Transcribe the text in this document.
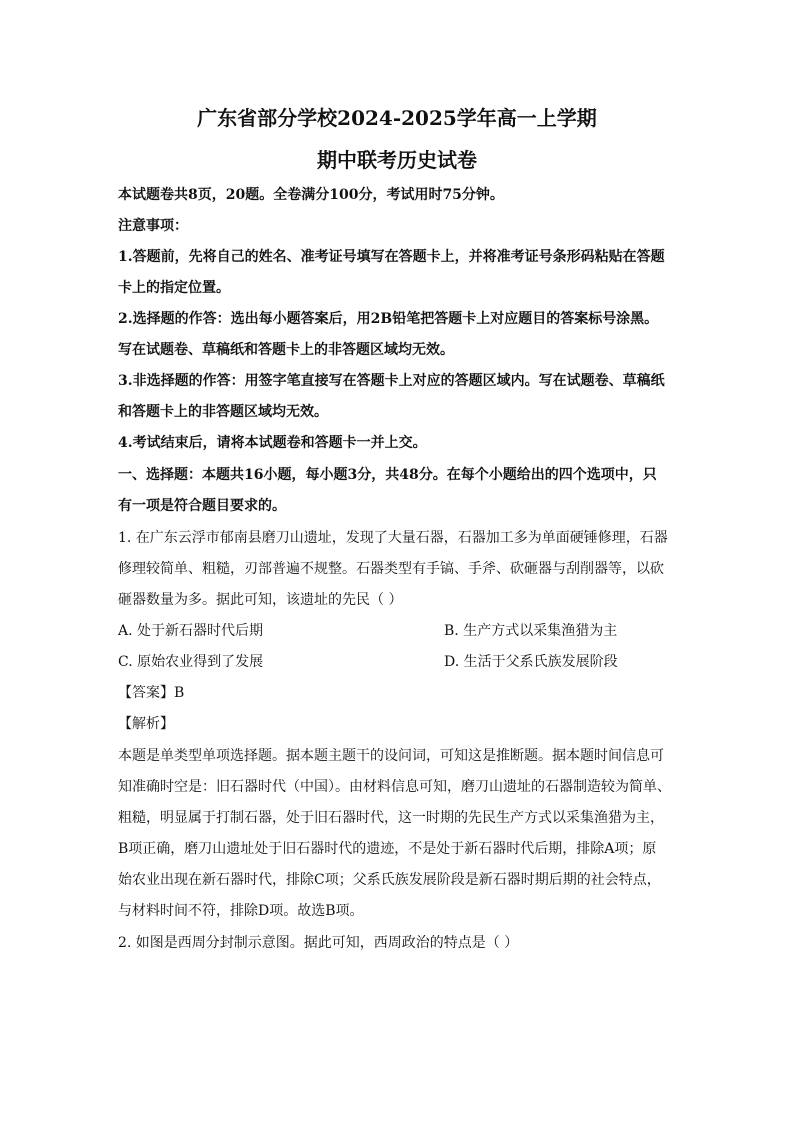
广东省部分学校2024-2025学年高一上学期
期中联考历史试卷
本试题卷共8页，20题。全卷满分100分，考试用时75分钟。
注意事项：
1.答题前，先将自己的姓名、准考证号填写在答题卡上，并将准考证号条形码粘贴在答题
卡上的指定位置。
2.选择题的作答：选出每小题答案后，用2B铅笔把答题卡上对应题目的答案标号涂黑。
写在试题卷、草稿纸和答题卡上的非答题区域均无效。
3.非选择题的作答：用签字笔直接写在答题卡上对应的答题区域内。写在试题卷、草稿纸
和答题卡上的非答题区域均无效。
4.考试结束后，请将本试题卷和答题卡一并上交。
一、选择题：本题共16小题，每小题3分，共48分。在每个小题给出的四个选项中，只
有一项是符合题目要求的。
1. 在广东云浮市郁南县磨刀山遗址，发现了大量石器，石器加工多为单面硬锤修理，石器
修理较简单、粗糙，刃部普遍不规整。石器类型有手镐、手斧、砍砸器与刮削器等，以砍
砸器数量为多。据此可知，该遗址的先民（ ）
A. 处于新石器时代后期	B. 生产方式以采集渔猎为主
C. 原始农业得到了发展	D. 生活于父系氏族发展阶段
【答案】B
【解析】
本题是单类型单项选择题。据本题主题干的设问词，可知这是推断题。据本题时间信息可
知准确时空是：旧石器时代（中国）。由材料信息可知，磨刀山遗址的石器制造较为简单、
粗糙，明显属于打制石器，处于旧石器时代，这一时期的先民生产方式以采集渔猎为主，
B项正确，磨刀山遗址处于旧石器时代的遗迹，不是处于新石器时代后期，排除A项；原
始农业出现在新石器时代，排除C项；父系氏族发展阶段是新石器时期后期的社会特点，
与材料时间不符，排除D项。故选B项。
2. 如图是西周分封制示意图。据此可知，西周政治的特点是（ ）
